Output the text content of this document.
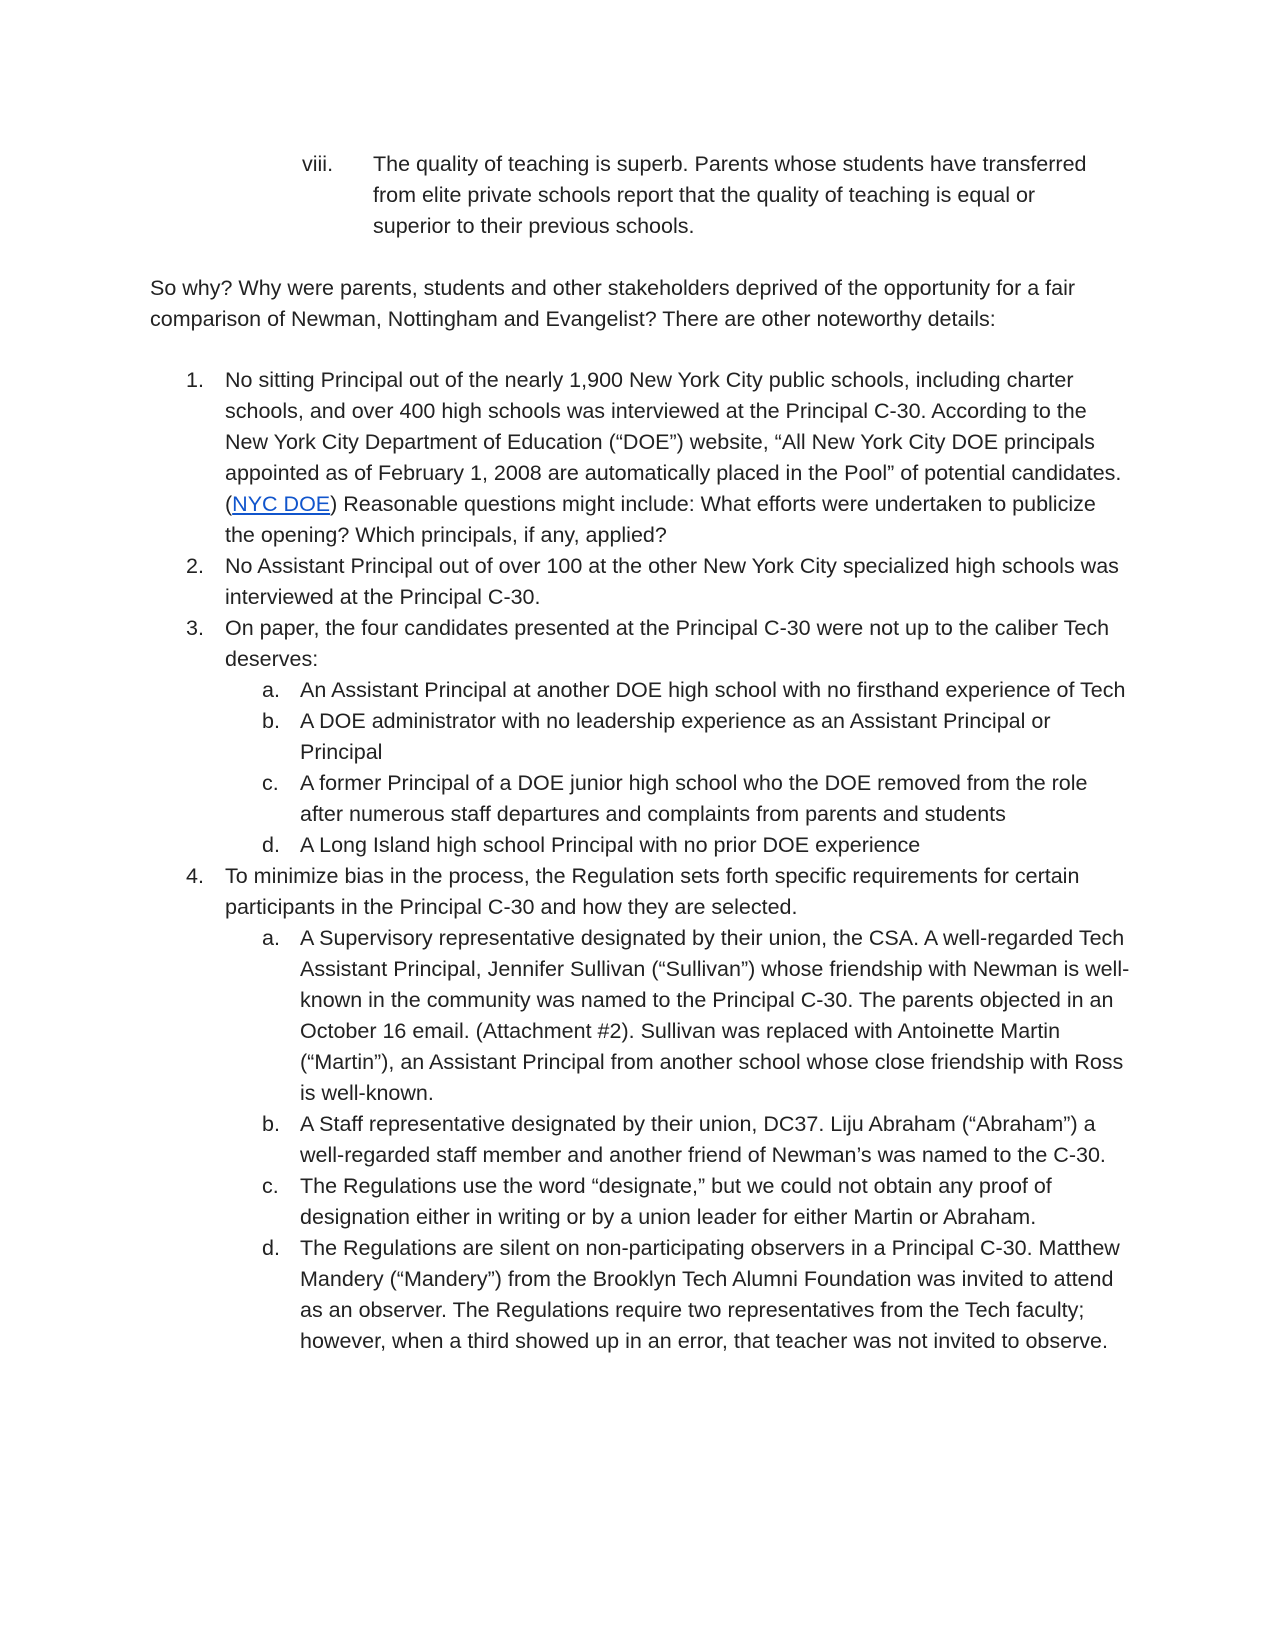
viii. The quality of teaching is superb. Parents whose students have transferred from elite private schools report that the quality of teaching is equal or superior to their previous schools.

So why? Why were parents, students and other stakeholders deprived of the opportunity for a fair comparison of Newman, Nottingham and Evangelist? There are other noteworthy details:

1. No sitting Principal out of the nearly 1,900 New York City public schools, including charter schools, and over 400 high schools was interviewed at the Principal C-30. According to the New York City Department of Education (“DOE”) website, “All New York City DOE principals appointed as of February 1, 2008 are automatically placed in the Pool” of potential candidates. (NYC DOE) Reasonable questions might include: What efforts were undertaken to publicize the opening? Which principals, if any, applied?
2. No Assistant Principal out of over 100 at the other New York City specialized high schools was interviewed at the Principal C-30.
3. On paper, the four candidates presented at the Principal C-30 were not up to the caliber Tech deserves:
a. An Assistant Principal at another DOE high school with no firsthand experience of Tech
b. A DOE administrator with no leadership experience as an Assistant Principal or Principal
c. A former Principal of a DOE junior high school who the DOE removed from the role after numerous staff departures and complaints from parents and students
d. A Long Island high school Principal with no prior DOE experience
4. To minimize bias in the process, the Regulation sets forth specific requirements for certain participants in the Principal C-30 and how they are selected.
a. A Supervisory representative designated by their union, the CSA. A well-regarded Tech Assistant Principal, Jennifer Sullivan (“Sullivan”) whose friendship with Newman is well-known in the community was named to the Principal C-30. The parents objected in an October 16 email. (Attachment #2). Sullivan was replaced with Antoinette Martin (“Martin”), an Assistant Principal from another school whose close friendship with Ross is well-known.
b. A Staff representative designated by their union, DC37. Liju Abraham (“Abraham”) a well-regarded staff member and another friend of Newman’s was named to the C-30.
c. The Regulations use the word “designate,” but we could not obtain any proof of designation either in writing or by a union leader for either Martin or Abraham.
d. The Regulations are silent on non-participating observers in a Principal C-30. Matthew Mandery (“Mandery”) from the Brooklyn Tech Alumni Foundation was invited to attend as an observer. The Regulations require two representatives from the Tech faculty; however, when a third showed up in an error, that teacher was not invited to observe.
